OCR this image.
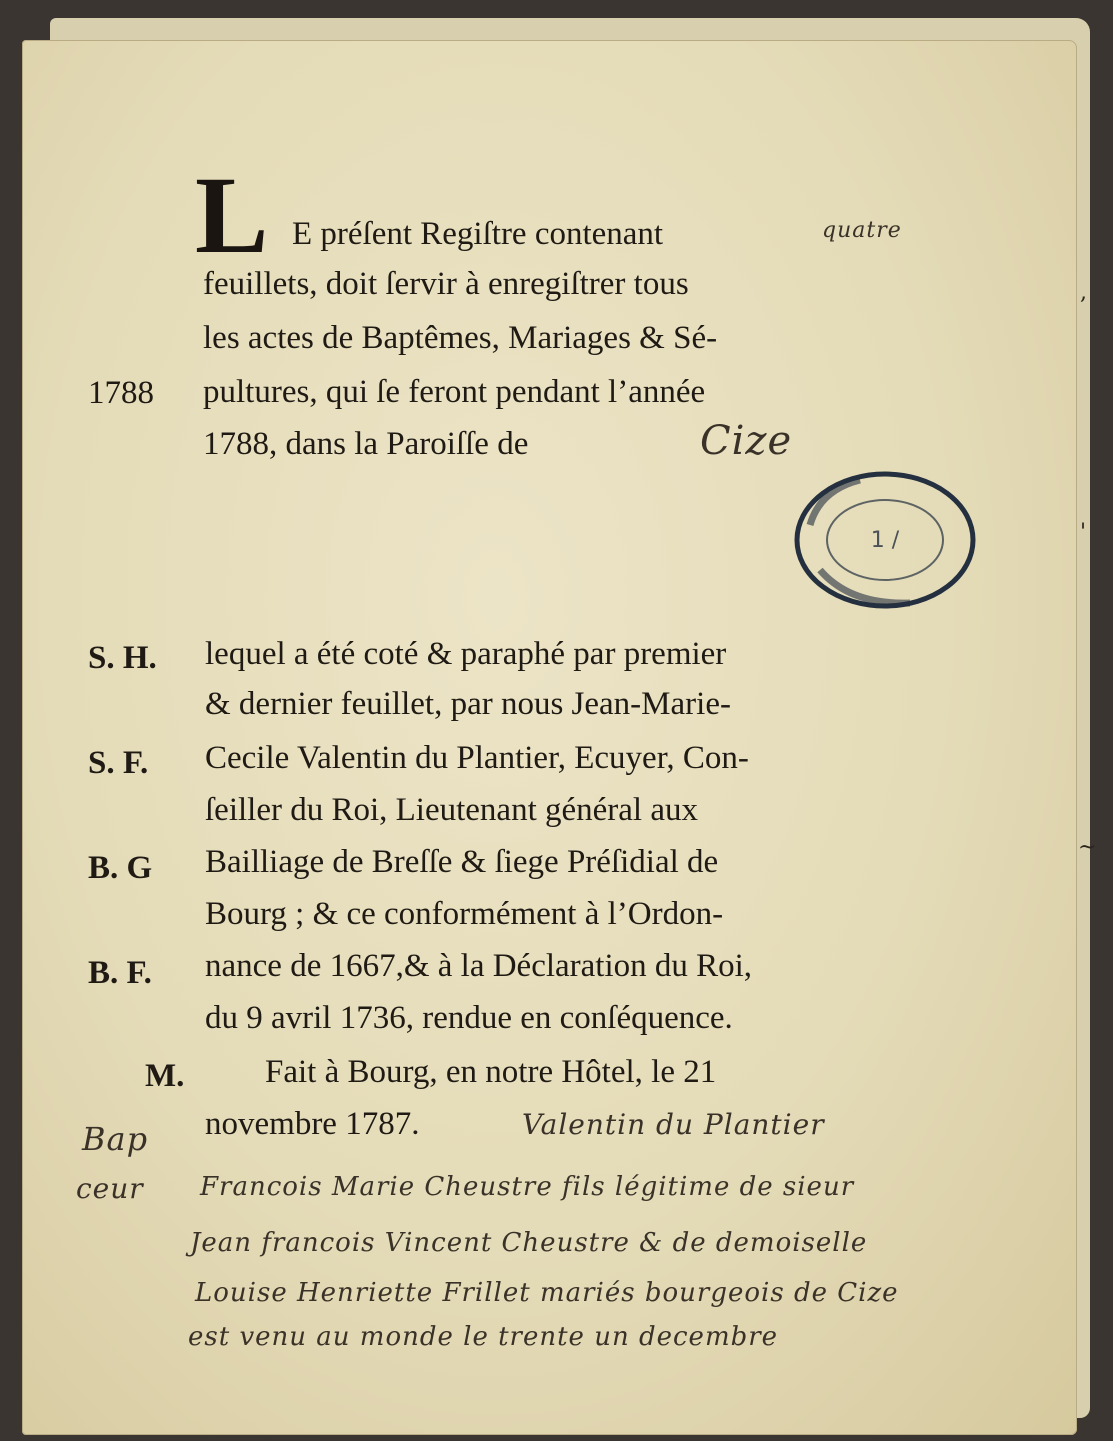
L E préſent Regiſtre contenant
feuillets, doit ſervir à enregiſtrer tous
les actes de Baptêmes, Mariages & Sé-
pultures, qui ſe feront pendant l’année
1788, dans la Paroiſſe de
lequel a été coté & paraphé par premier
& dernier feuillet, par nous Jean-Marie-
Cecile Valentin du Plantier, Ecuyer, Con-
ſeiller du Roi, Lieutenant général aux
Bailliage de Breſſe & ſiege Préſidial de
Bourg ; & ce conformément à l’Ordon-
nance de 1667,& à la Déclaration du Roi,
du 9 avril 1736, rendue en conſéquence.
Fait à Bourg, en notre Hôtel, le 21
novembre 1787.
1788
S. H.
S. F.
B. G
B. F.
M.
quatre
Cize
Valentin du Plantier
Bap
ceur Francois Marie Cheustre fils légitime de sieur
Jean francois Vincent Cheustre & de demoiselle
Louise Henriette Frillet mariés bourgeois de Cize
est venu au monde le trente un decembre
1 /
,
'
~
